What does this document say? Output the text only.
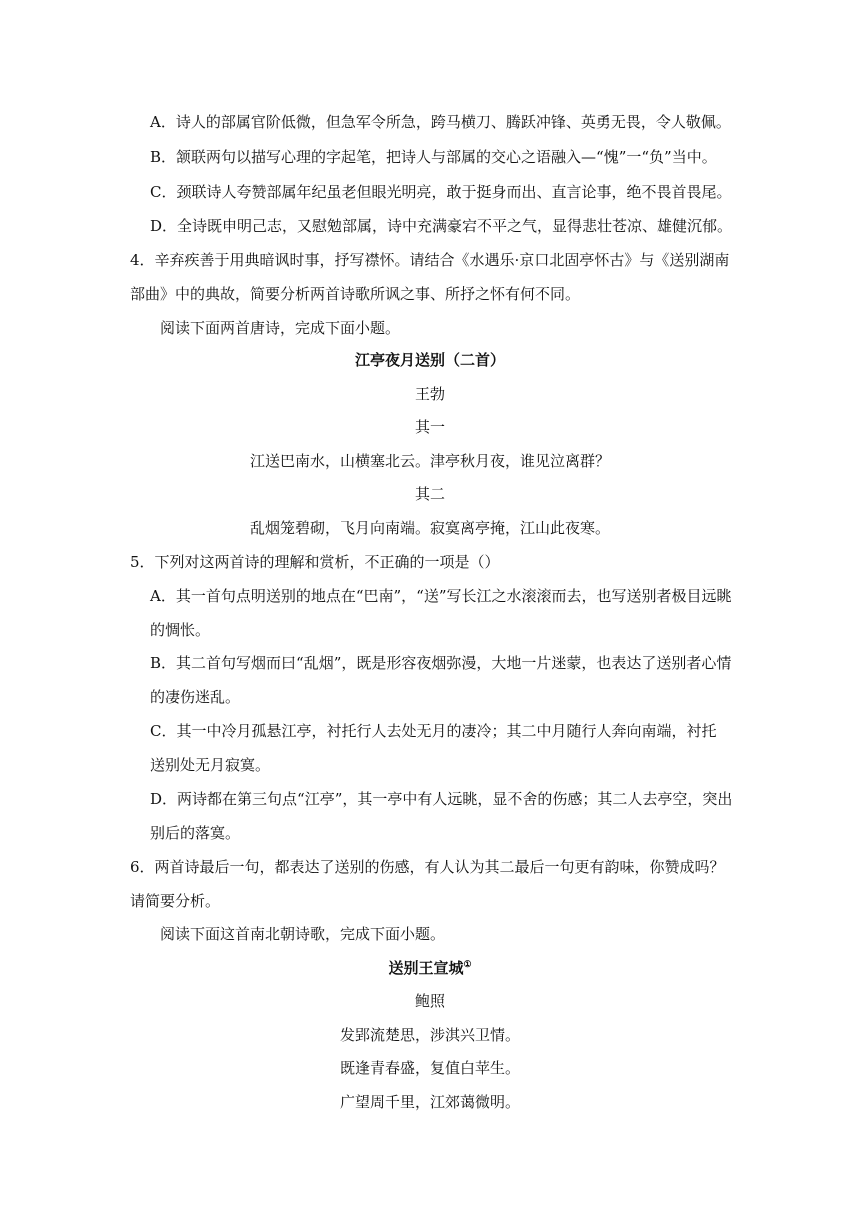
A．诗人的部属官阶低微，但急军令所急，跨马横刀、腾跃冲锋、英勇无畏，令人敬佩。
B．颔联两句以描写心理的字起笔，把诗人与部属的交心之语融入—“愧”一“负”当中。
C．颈联诗人夸赞部属年纪虽老但眼光明亮，敢于挺身而出、直言论事，绝不畏首畏尾。
D．全诗既申明己志，又慰勉部属，诗中充满豪宕不平之气，显得悲壮苍凉、雄健沉郁。
4．辛弃疾善于用典暗讽时事，抒写襟怀。请结合《水遇乐·京口北固亭怀古》与《送别湖南
部曲》中的典故，简要分析两首诗歌所讽之事、所抒之怀有何不同。
阅读下面两首唐诗，完成下面小题。
江亭夜月送别（二首）
王勃
其一
江送巴南水，山横塞北云。津亭秋月夜，谁见泣离群？
其二
乱烟笼碧砌，飞月向南端。寂寞离亭掩，江山此夜寒。
5．下列对这两首诗的理解和赏析，不正确的一项是（）
A．其一首句点明送别的地点在“巴南”，“送”写长江之水滚滚而去，也写送别者极目远眺
的惆怅。
B．其二首句写烟而曰“乱烟”，既是形容夜烟弥漫，大地一片迷蒙，也表达了送别者心情
的凄伤迷乱。
C．其一中冷月孤悬江亭，衬托行人去处无月的凄冷；其二中月随行人奔向南端，衬托
送别处无月寂寞。
D．两诗都在第三句点“江亭”，其一亭中有人远眺，显不舍的伤感；其二人去亭空，突出
别后的落寞。
6．两首诗最后一句，都表达了送别的伤感，有人认为其二最后一句更有韵味，你赞成吗？
请简要分析。
阅读下面这首南北朝诗歌，完成下面小题。
送别王宣城①
鲍照
发郢流楚思，涉淇兴卫情。
既逢青春盛，复值白苹生。
广望周千里，江郊蔼微明。
